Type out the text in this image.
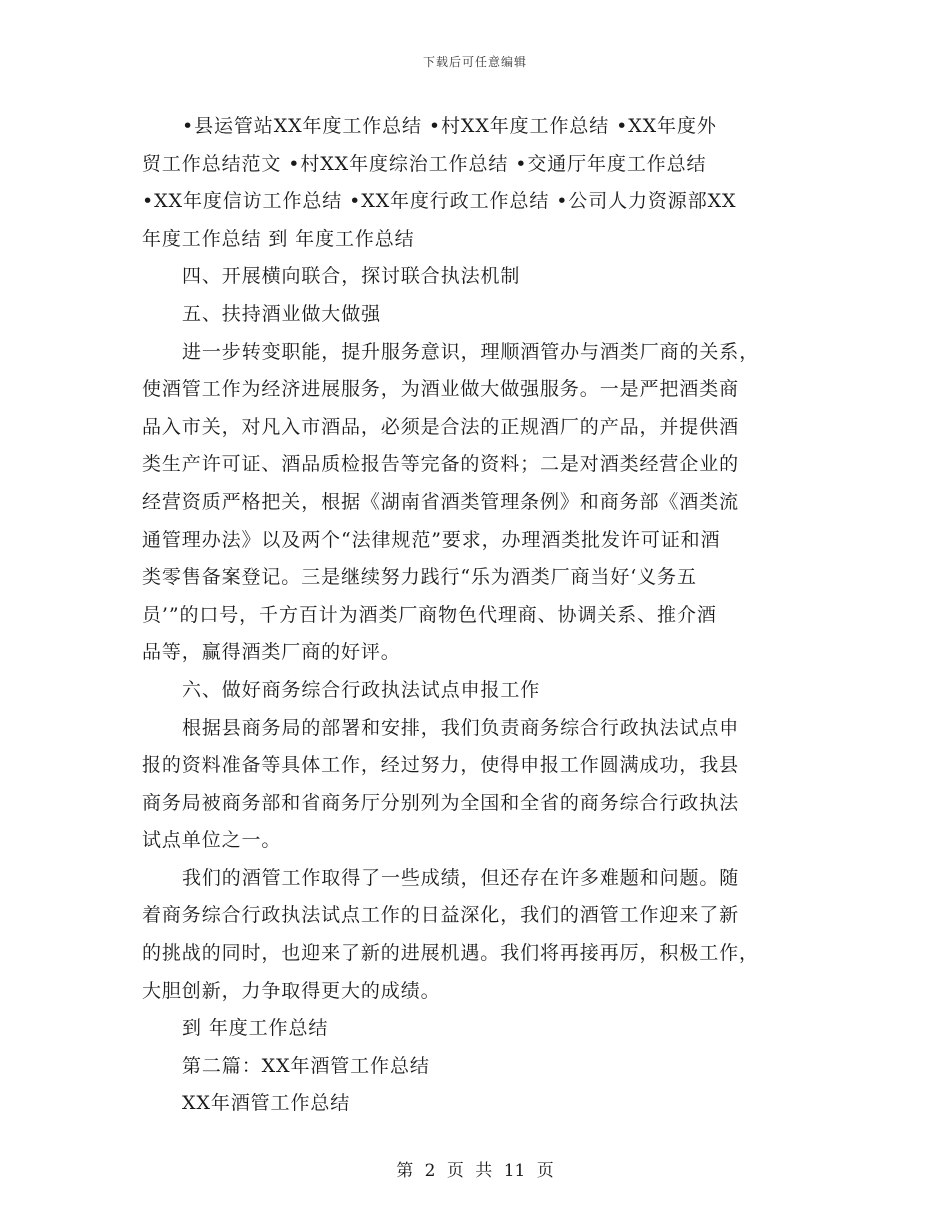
下载后可任意编辑
•县运管站XX年度工作总结 •村XX年度工作总结 •XX年度外
贸工作总结范文 •村XX年度综治工作总结 •交通厅年度工作总结
•XX年度信访工作总结 •XX年度行政工作总结 •公司人力资源部XX
年度工作总结 到 年度工作总结
四、开展横向联合，探讨联合执法机制
五、扶持酒业做大做强
进一步转变职能，提升服务意识，理顺酒管办与酒类厂商的关系，
使酒管工作为经济进展服务，为酒业做大做强服务。一是严把酒类商
品入市关，对凡入市酒品，必须是合法的正规酒厂的产品，并提供酒
类生产许可证、酒品质检报告等完备的资料；二是对酒类经营企业的
经营资质严格把关，根据《湖南省酒类管理条例》和商务部《酒类流
通管理办法》以及两个“法律规范”要求，办理酒类批发许可证和酒
类零售备案登记。三是继续努力践行“乐为酒类厂商当好‘义务五
员’”的口号，千方百计为酒类厂商物色代理商、协调关系、推介酒
品等，赢得酒类厂商的好评。
六、做好商务综合行政执法试点申报工作
根据县商务局的部署和安排，我们负责商务综合行政执法试点申
报的资料准备等具体工作，经过努力，使得申报工作圆满成功，我县
商务局被商务部和省商务厅分别列为全国和全省的商务综合行政执法
试点单位之一。
我们的酒管工作取得了一些成绩，但还存在许多难题和问题。随
着商务综合行政执法试点工作的日益深化，我们的酒管工作迎来了新
的挑战的同时，也迎来了新的进展机遇。我们将再接再厉，积极工作，
大胆创新，力争取得更大的成绩。
到 年度工作总结
第二篇：XX年酒管工作总结
XX年酒管工作总结
第 2 页 共 11 页
